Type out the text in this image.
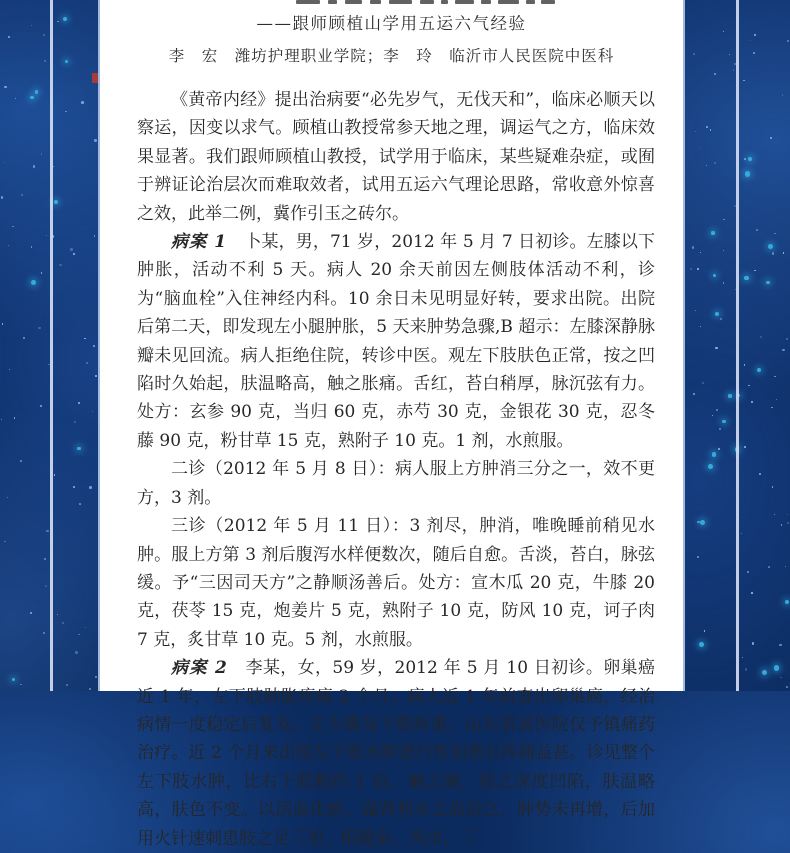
——跟师顾植山学用五运六气经验
李　宏　潍坊护理职业学院；李　玲　临沂市人民医院中医科

《黄帝内经》提出治病要“必先岁气，无伐天和”，临床必顺天以察运，因变以求气。顾植山教授常参天地之理，调运气之方，临床效果显著。我们跟师顾植山教授，试学用于临床，某些疑难杂症，或囿于辨证论治层次而难取效者，试用五运六气理论思路，常收意外惊喜之效，此举二例，冀作引玉之砖尔。

病案 1　 卜某，男，71 岁，2012 年 5 月 7 日初诊。左膝以下肿胀，活动不利 5 天。病人 20 余天前因左侧肢体活动不利，诊为“脑血栓”入住神经内科。10 余日未见明显好转，要求出院。出院后第二天，即发现左小腿肿胀，5 天来肿势急骤,B 超示：左膝深静脉瓣未见回流。病人拒绝住院，转诊中医。观左下肢肤色正常，按之凹陷时久始起，肤温略高，触之胀痛。舌红，苔白稍厚，脉沉弦有力。处方：玄参 90 克，当归 60 克，赤芍 30 克，金银花 30 克，忍冬藤 90 克，粉甘草 15 克，熟附子 10 克。1 剂，水煎服。

二诊（2012 年 5 月 8 日）：病人服上方肿消三分之一，效不更方，3 剂。

三诊（2012 年 5 月 11 日）：3 剂尽，肿消，唯晚睡前稍见水肿。服上方第 3 剂后腹泻水样便数次，随后自愈。舌淡，苔白，脉弦缓。予“三因司天方”之静顺汤善后。处方：宣木瓜 20 克，牛膝 20 克，茯苓 15 克，炮姜片 5 克，熟附子 10 克，防风 10 克，诃子肉 7 克，炙甘草 10 克。5 剂，水煎服。

病案 2　 李某，女，59 岁，2012 年 5 月 10 日初诊。卵巢癌近 1 年，左下肢肿胀疼痛 2 个月。病人近 1 年前查出卵巢癌，经治病情一度稳定后复发。左少腹及下肢疼重，山东省某医院仅予镇痛药治疗。近 2 个月来出现左下肢水肿进行性加重且疼痛益甚。诊见整个左下肢水肿，比右下肢粗约 1 倍，触之硬，按之深度凹陷，肤温略高，肤色不变。以活血化瘀、温肾利水之品治之，肿势未再增，后加用火针速刺患肢之足三里、阳陵泉、风市、三
